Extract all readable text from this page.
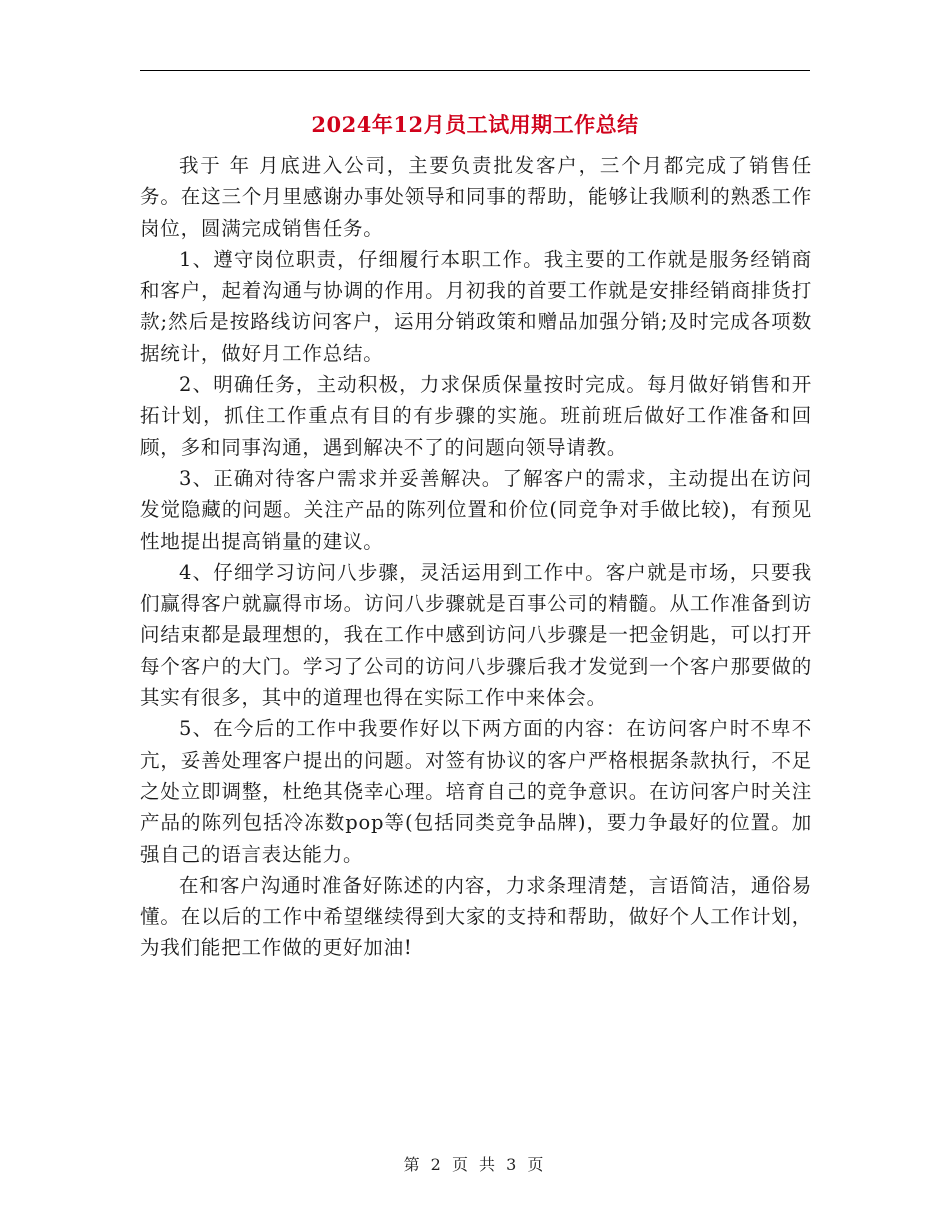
2024年12月员工试用期工作总结

我于 年 月底进入公司，主要负责批发客户，三个月都完成了销售任务。在这三个月里感谢办事处领导和同事的帮助，能够让我顺利的熟悉工作岗位，圆满完成销售任务。

1、遵守岗位职责，仔细履行本职工作。我主要的工作就是服务经销商和客户，起着沟通与协调的作用。月初我的首要工作就是安排经销商排货打款;然后是按路线访问客户，运用分销政策和赠品加强分销;及时完成各项数据统计，做好月工作总结。

2、明确任务，主动积极，力求保质保量按时完成。每月做好销售和开拓计划，抓住工作重点有目的有步骤的实施。班前班后做好工作准备和回顾，多和同事沟通，遇到解决不了的问题向领导请教。

3、正确对待客户需求并妥善解决。了解客户的需求，主动提出在访问发觉隐藏的问题。关注产品的陈列位置和价位(同竞争对手做比较)，有预见性地提出提高销量的建议。

4、仔细学习访问八步骤，灵活运用到工作中。客户就是市场，只要我们赢得客户就赢得市场。访问八步骤就是百事公司的精髓。从工作准备到访问结束都是最理想的，我在工作中感到访问八步骤是一把金钥匙，可以打开每个客户的大门。学习了公司的访问八步骤后我才发觉到一个客户那要做的其实有很多，其中的道理也得在实际工作中来体会。

5、在今后的工作中我要作好以下两方面的内容：在访问客户时不卑不亢，妥善处理客户提出的问题。对签有协议的客户严格根据条款执行，不足之处立即调整，杜绝其侥幸心理。培育自己的竞争意识。在访问客户时关注产品的陈列包括冷冻数pop等(包括同类竞争品牌)，要力争最好的位置。加强自己的语言表达能力。

在和客户沟通时准备好陈述的内容，力求条理清楚，言语简洁，通俗易懂。在以后的工作中希望继续得到大家的支持和帮助，做好个人工作计划，为我们能把工作做的更好加油!

第 2 页 共 3 页
